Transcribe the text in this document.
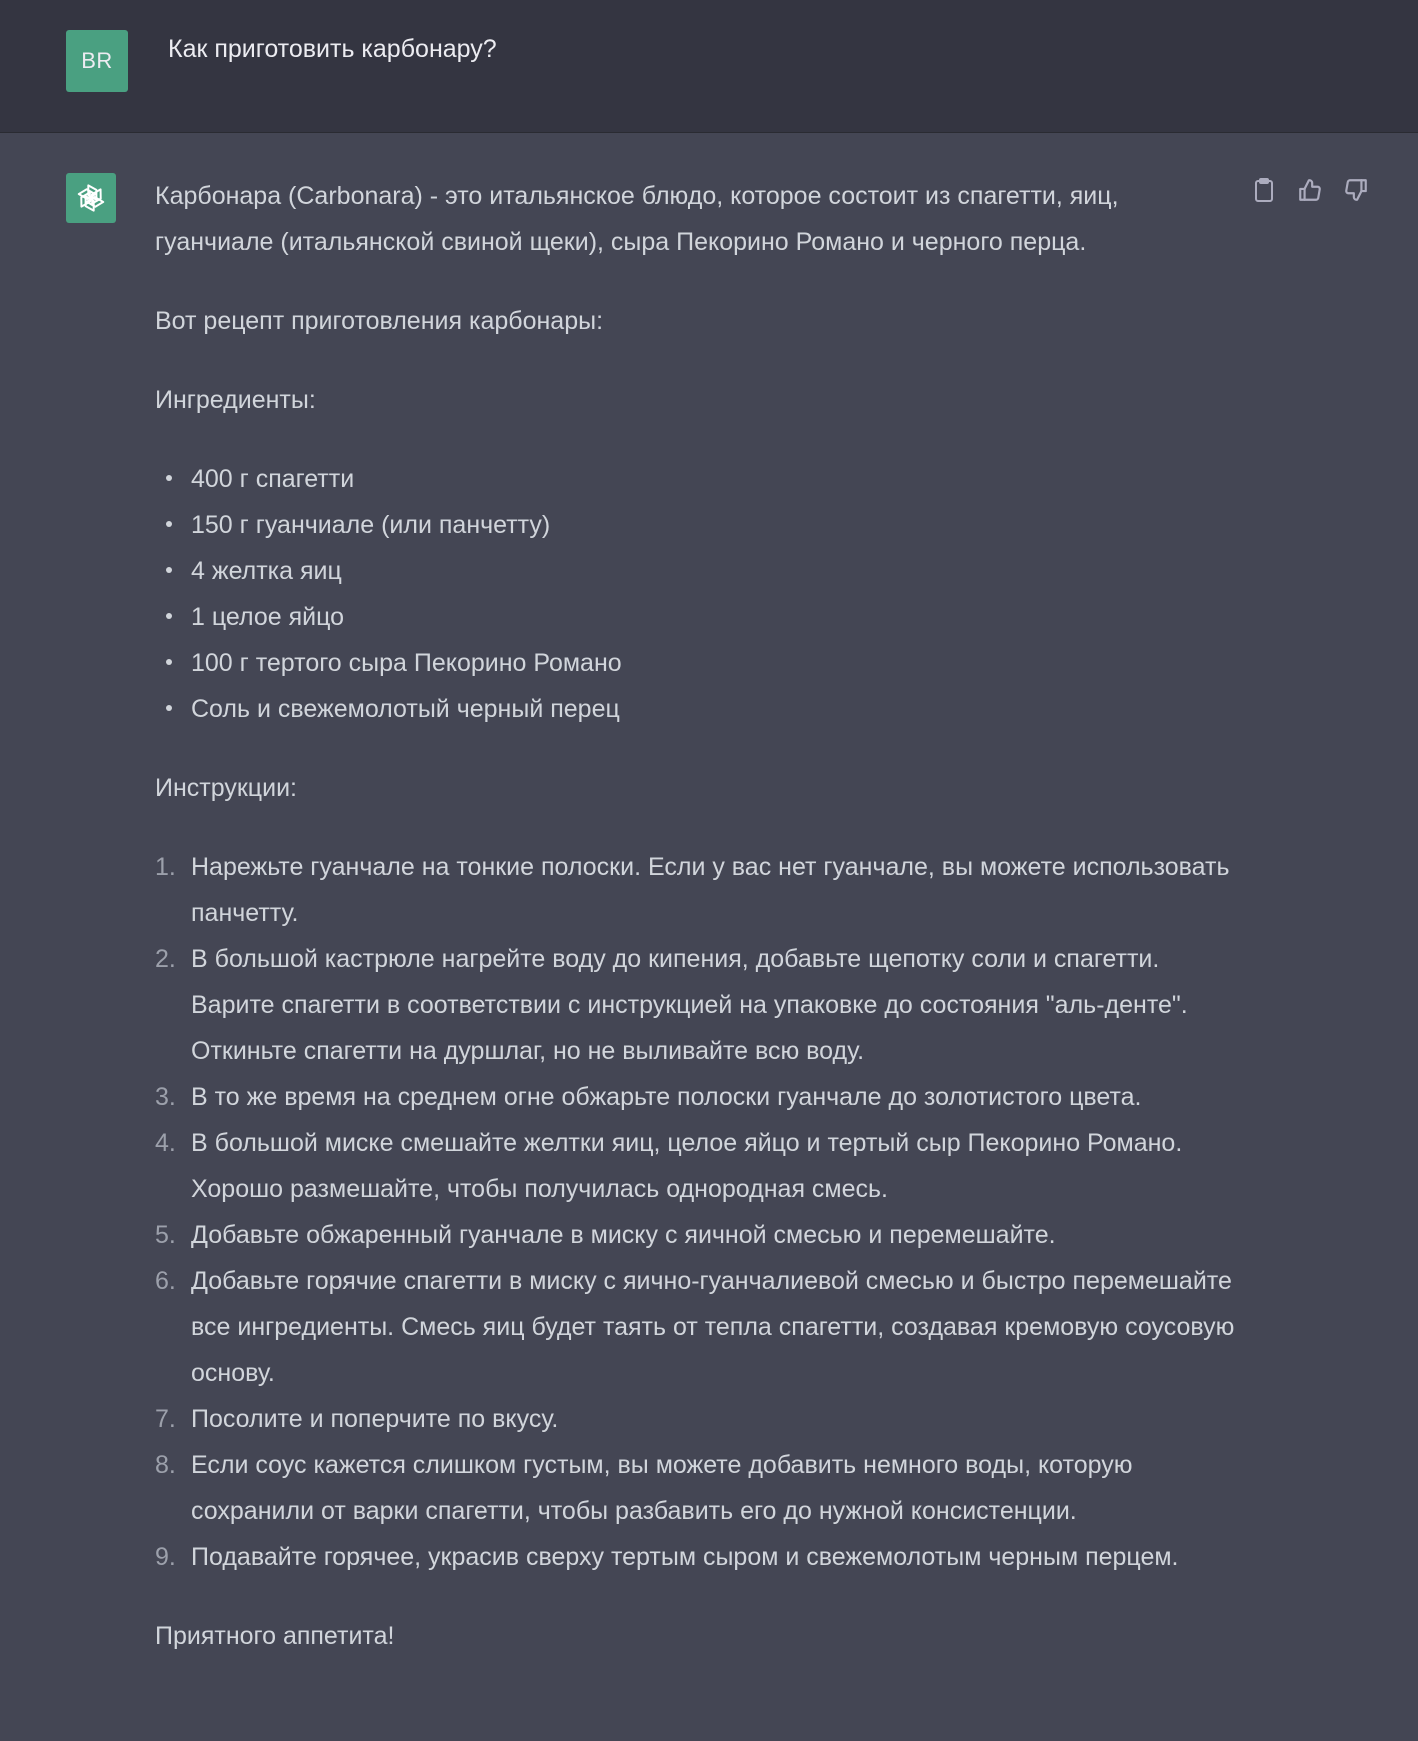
BR	Как приготовить карбонару?

Карбонара (Carbonara) - это итальянское блюдо, которое состоит из спагетти, яиц, гуанчиале (итальянской свиной щеки), сыра Пекорино Романо и черного перца.

Вот рецепт приготовления карбонары:

Ингредиенты:

400 г спагетти
150 г гуанчиале (или панчетту)
4 желтка яиц
1 целое яйцо
100 г тертого сыра Пекорино Романо
Соль и свежемолотый черный перец

Инструкции:

1. Нарежьте гуанчале на тонкие полоски. Если у вас нет гуанчале, вы можете использовать панчетту.
2. В большой кастрюле нагрейте воду до кипения, добавьте щепотку соли и спагетти. Варите спагетти в соответствии с инструкцией на упаковке до состояния "аль-денте". Откиньте спагетти на дуршлаг, но не выливайте всю воду.
3. В то же время на среднем огне обжарьте полоски гуанчале до золотистого цвета.
4. В большой миске смешайте желтки яиц, целое яйцо и тертый сыр Пекорино Романо. Хорошо размешайте, чтобы получилась однородная смесь.
5. Добавьте обжаренный гуанчале в миску с яичной смесью и перемешайте.
6. Добавьте горячие спагетти в миску с яично-гуанчалиевой смесью и быстро перемешайте все ингредиенты. Смесь яиц будет таять от тепла спагетти, создавая кремовую соусовую основу.
7. Посолите и поперчите по вкусу.
8. Если соус кажется слишком густым, вы можете добавить немного воды, которую сохранили от варки спагетти, чтобы разбавить его до нужной консистенции.
9. Подавайте горячее, украсив сверху тертым сыром и свежемолотым черным перцем.

Приятного аппетита!
